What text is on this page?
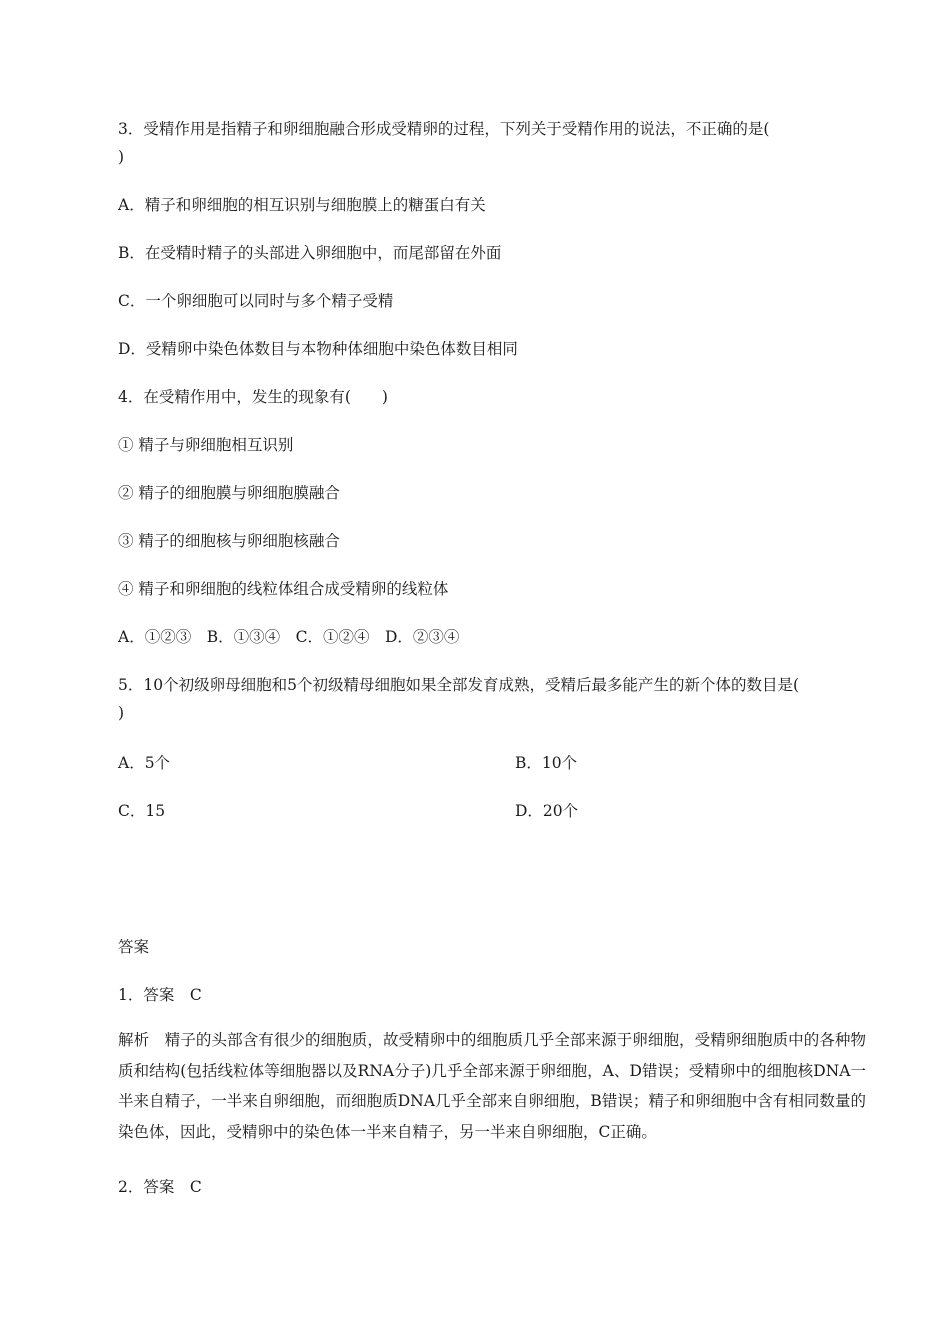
3．受精作用是指精子和卵细胞融合形成受精卵的过程，下列关于受精作用的说法，不正确的是(
)
A．精子和卵细胞的相互识别与细胞膜上的糖蛋白有关
B．在受精时精子的头部进入卵细胞中，而尾部留在外面
C．一个卵细胞可以同时与多个精子受精
D．受精卵中染色体数目与本物种体细胞中染色体数目相同
4．在受精作用中，发生的现象有(　　)
① 精子与卵细胞相互识别
② 精子的细胞膜与卵细胞膜融合
③ 精子的细胞核与卵细胞核融合
④ 精子和卵细胞的线粒体组合成受精卵的线粒体
A．①②③　B．①③④　C．①②④　D．②③④
5．10个初级卵母细胞和5个初级精母细胞如果全部发育成熟，受精后最多能产生的新个体的数目是(
)
A．5个	B．10个
C．15	D．20个
答案
1．答案　C
解析　精子的头部含有很少的细胞质，故受精卵中的细胞质几乎全部来源于卵细胞，受精卵细胞质中的各种物质和结构(包括线粒体等细胞器以及RNA分子)几乎全部来源于卵细胞，A、D错误；受精卵中的细胞核DNA一半来自精子，一半来自卵细胞，而细胞质DNA几乎全部来自卵细胞，B错误；精子和卵细胞中含有相同数量的染色体，因此，受精卵中的染色体一半来自精子，另一半来自卵细胞，C正确。
2．答案　C
